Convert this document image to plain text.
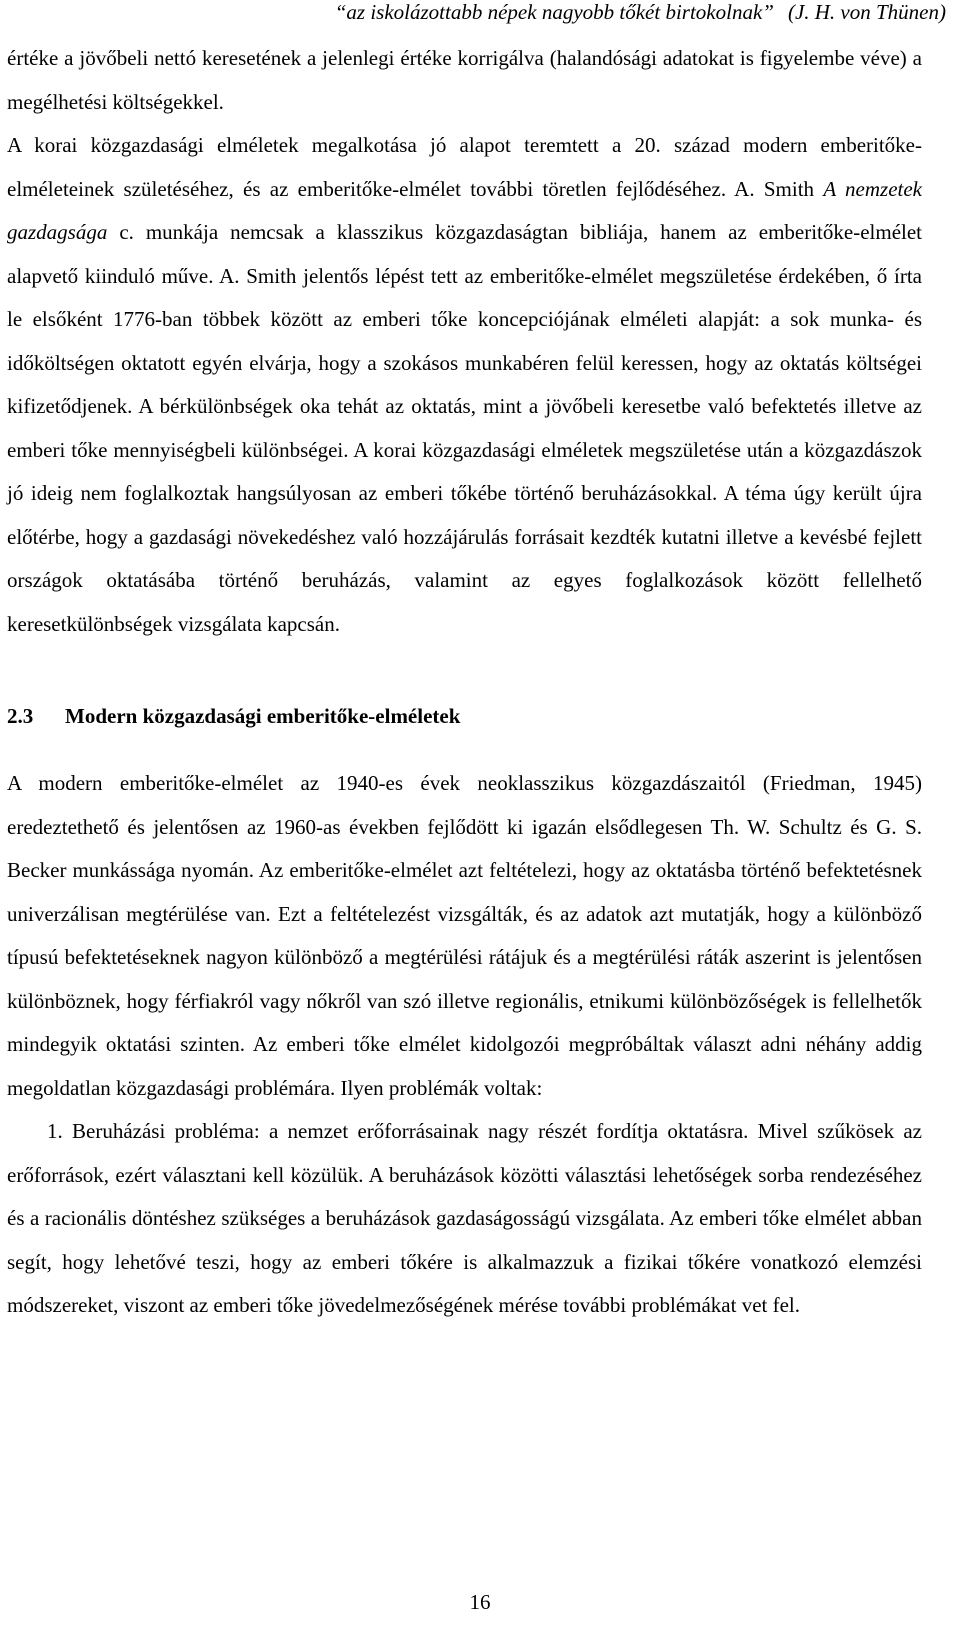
“az iskolázottabb népek nagyobb tőkét birtokolnak” (J. H. von Thünen)

értéke a jövőbeli nettó keresetének a jelenlegi értéke korrigálva (halandósági adatokat is figyelembe véve) a megélhetési költségekkel.

A korai közgazdasági elméletek megalkotása jó alapot teremtett a 20. század modern emberitőke-elméleteinek születéséhez, és az emberitőke-elmélet további töretlen fejlődéséhez. A. Smith A nemzetek gazdagsága c. munkája nemcsak a klasszikus közgazdaságtan bibliája, hanem az emberitőke-elmélet alapvető kiinduló műve. A. Smith jelentős lépést tett az emberitőke-elmélet megszületése érdekében, ő írta le elsőként 1776-ban többek között az emberi tőke koncepciójának elméleti alapját: a sok munka- és időköltségen oktatott egyén elvárja, hogy a szokásos munkabéren felül keressen, hogy az oktatás költségei kifizetődjenek. A bérkülönbségek oka tehát az oktatás, mint a jövőbeli keresetbe való befektetés illetve az emberi tőke mennyiségbeli különbségei. A korai közgazdasági elméletek megszületése után a közgazdászok jó ideig nem foglalkoztak hangsúlyosan az emberi tőkébe történő beruházásokkal. A téma úgy került újra előtérbe, hogy a gazdasági növekedéshez való hozzájárulás forrásait kezdték kutatni illetve a kevésbé fejlett országok oktatásába történő beruházás, valamint az egyes foglalkozások között fellelhető keresetkülönbségek vizsgálata kapcsán.

2.3 Modern közgazdasági emberitőke-elméletek

A modern emberitőke-elmélet az 1940-es évek neoklasszikus közgazdászaitól (Friedman, 1945) eredeztethető és jelentősen az 1960-as években fejlődött ki igazán elsődlegesen Th. W. Schultz és G. S. Becker munkássága nyomán. Az emberitőke-elmélet azt feltételezi, hogy az oktatásba történő befektetésnek univerzálisan megtérülése van. Ezt a feltételezést vizsgálták, és az adatok azt mutatják, hogy a különböző típusú befektetéseknek nagyon különböző a megtérülési rátájuk és a megtérülési ráták aszerint is jelentősen különböznek, hogy férfiakról vagy nőkről van szó illetve regionális, etnikumi különbözőségek is fellelhetők mindegyik oktatási szinten. Az emberi tőke elmélet kidolgozói megpróbáltak választ adni néhány addig megoldatlan közgazdasági problémára. Ilyen problémák voltak:

1. Beruházási probléma: a nemzet erőforrásainak nagy részét fordítja oktatásra. Mivel szűkösek az erőforrások, ezért választani kell közülük. A beruházások közötti választási lehetőségek sorba rendezéséhez és a racionális döntéshez szükséges a beruházások gazdaságosságú vizsgálata. Az emberi tőke elmélet abban segít, hogy lehetővé teszi, hogy az emberi tőkére is alkalmazzuk a fizikai tőkére vonatkozó elemzési módszereket, viszont az emberi tőke jövedelmezőségének mérése további problémákat vet fel.

16
